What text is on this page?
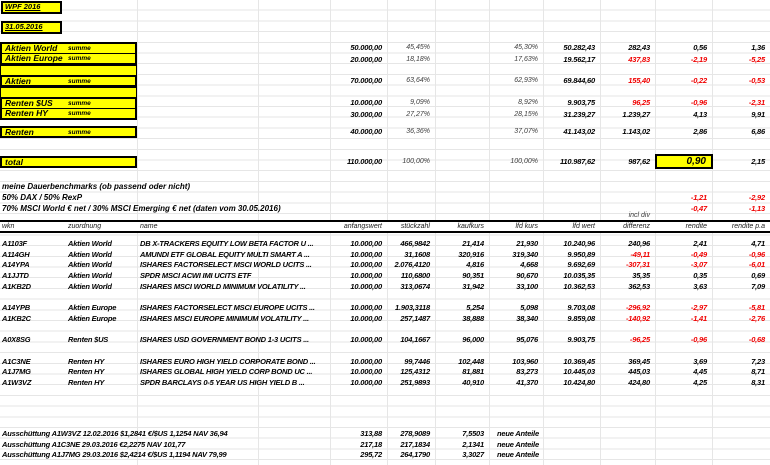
WPF 2016
31.05.2016
Aktien World summe	50.000,00	45,45%	45,30%	50.282,43	282,43	0,56	1,36
Aktien Europe summe	20.000,00	18,18%	17,63%	19.562,17	437,83	-2,19	-5,25
Aktien	summe	70.000,00	63,64%	62,93%	69.844,60	155,40	-0,22	-0,53
Renten $US summe	10.000,00	9,09%	8,92%	9.903,75	96,25	-0,96	-2,31
Renten HY	summe	30.000,00	27,27%	28,15%	31.239,27	1.239,27	4,13	9,91
Renten	summe	40.000,00	36,36%	37,07%	41.143,02	1.143,02	2,86	6,86
total	110.000,00	100,00%	100,00%	110.987,62	987,62	0,90	2,15
meine Dauerbenchmarks (ob passend oder nicht)
50% DAX / 50% RexP	-1,21	-2,92
70% MSCI World € net / 30% MSCI Emerging € net (daten vom 30.05.2016)	-0,47	-1,13
incl div
wkn	zuordnung	name	anfangswert	stückzahl	kaufkurs	lfd kurs	lfd wert	differenz	rendite	rendite p.a
A1103F	Aktien World	DB X-TRACKERS EQUITY LOW BETA FACTOR U ...	10.000,00	466,9842	21,414	21,930	10.240,96	240,96	2,41	4,71
A114GH	Aktien World	AMUNDI ETF GLOBAL EQUITY MULTI SMART A ...	10.000,00	31,1608	320,916	319,340	9.950,89	-49,11	-0,49	-0,96
A14YPA	Aktien World	ISHARES FACTORSELECT MSCI WORLD UCITS ...	10.000,00	2.076,4120	4,816	4,668	9.692,69	-307,31	-3,07	-6,01
A1JJTD	Aktien World	SPDR MSCI ACWI IMI UCITS ETF	10.000,00	110,6800	90,351	90,670	10.035,35	35,35	0,35	0,69
A1KB2D	Aktien World	ISHARES MSCI WORLD MINIMUM VOLATILITY ...	10.000,00	313,0674	31,942	33,100	10.362,53	362,53	3,63	7,09
A14YPB	Aktien Europe	ISHARES FACTORSELECT MSCI EUROPE UCITS ...	10.000,00	1.903,3118	5,254	5,098	9.703,08	-296,92	-2,97	-5,81
A1KB2C	Aktien Europe	ISHARES MSCI EUROPE MINIMUM VOLATILITY ...	10.000,00	257,1487	38,888	38,340	9.859,08	-140,92	-1,41	-2,76
A0X8SG	Renten $US	ISHARES USD GOVERNMENT BOND 1-3 UCITS ...	10.000,00	104,1667	96,000	95,076	9.903,75	-96,25	-0,96	-0,68
A1C3NE	Renten HY	ISHARES EURO HIGH YIELD CORPORATE BOND ...	10.000,00	99,7446	102,448	103,960	10.369,45	369,45	3,69	7,23
A1J7MG	Renten HY	ISHARES GLOBAL HIGH YIELD CORP BOND UC ...	10.000,00	125,4312	81,881	83,273	10.445,03	445,03	4,45	8,71
A1W3VZ	Renten HY	SPDR BARCLAYS 0-5 YEAR US HIGH YIELD B ...	10.000,00	251,9893	40,910	41,370	10.424,80	424,80	4,25	8,31
Ausschüttung A1W3VZ 12.02.2016 $1,2841 €/$US 1,1254 NAV 36,94	313,88	278,9089	7,5503	neue Anteile
Ausschüttung A1C3NE 29.03.2016 €2,2275 NAV 101,77	217,18	217,1834	2,1341	neue Anteile
Ausschüttung A1J7MG 29.03.2016 $2,4214 €/$US 1,1194 NAV 79,99	295,72	264,1790	3,3027	neue Anteile
